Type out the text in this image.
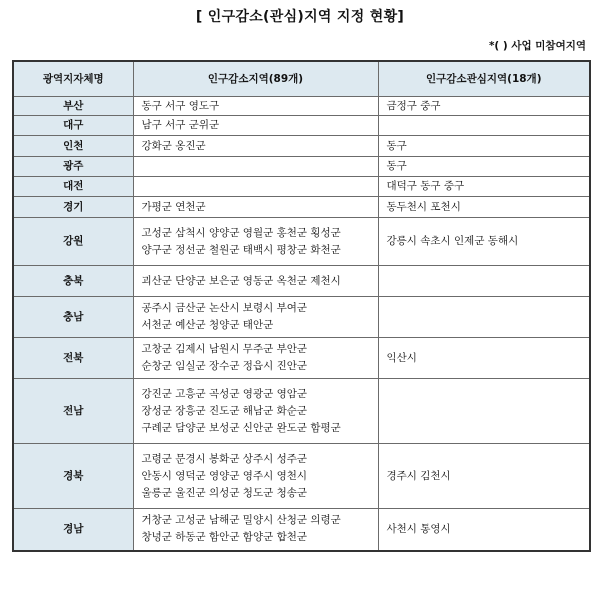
[ 인구감소(관심)지역 지정 현황]
*( ) 사업 미참여지역
광역지자체명	인구감소지역(89개)	인구감소관심지역(18개)
부산	동구 서구 영도구	금정구 중구

대구	남구 서구 군위군	

인천	강화군 옹진군	동구

광주		동구

대전		대덕구 동구 중구

경기	가평군 연천군	동두천시 포천시

강원	고성군 삼척시 양양군 영월군 홍천군 횡성군
양구군 정선군 철원군 태백시 평창군 화천군	강릉시 속초시 인제군 동해시

충북	괴산군 단양군 보은군 영동군 옥천군 제천시	

충남	공주시 금산군 논산시 보령시 부여군
서천군 예산군 청양군 태안군	

전북	고창군 김제시 남원시 무주군 부안군
순창군 임실군 장수군 정읍시 진안군	익산시

전남	강진군 고흥군 곡성군 영광군 영암군
장성군 장흥군 진도군 해남군 화순군
구례군 담양군 보성군 신안군 완도군 함평군	

경북	고령군 문경시 봉화군 상주시 성주군
안동시 영덕군 영양군 영주시 영천시
울릉군 울진군 의성군 청도군 청송군	경주시 김천시

경남	거창군 고성군 남해군 밀양시 산청군 의령군
창녕군 하동군 함안군 함양군 합천군	사천시 통영시
